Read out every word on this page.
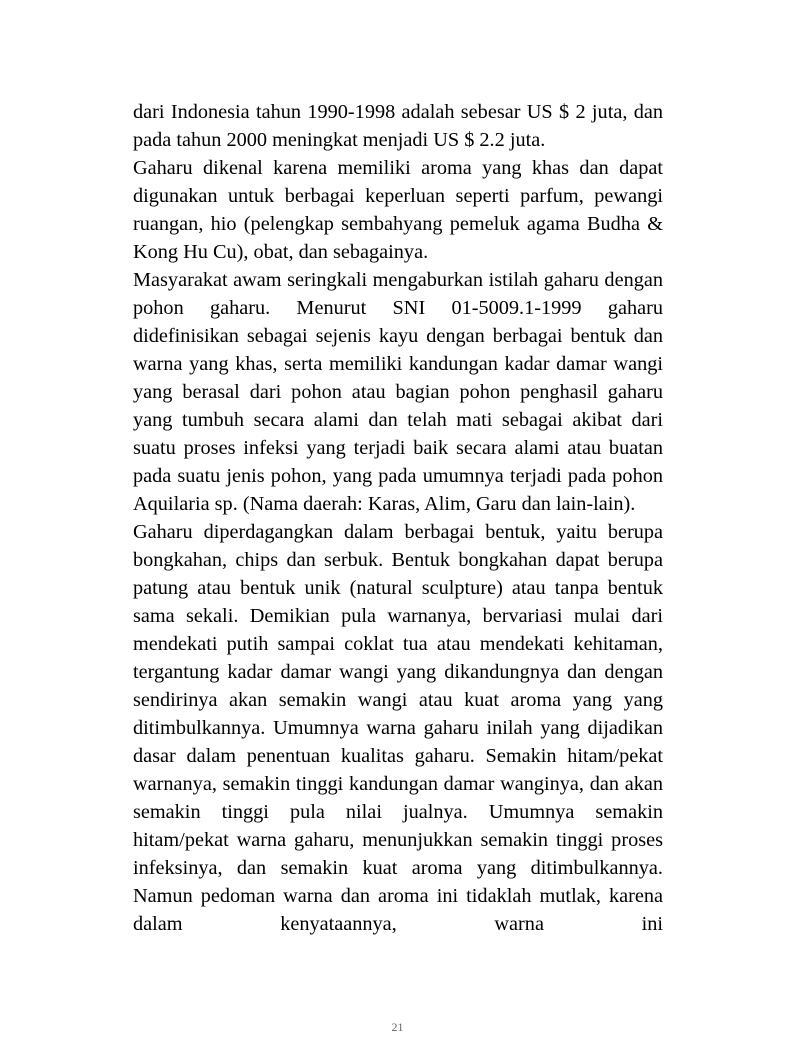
dari Indonesia tahun 1990-1998 adalah sebesar US $ 2 juta, dan pada tahun 2000 meningkat menjadi US $ 2.2 juta.

Gaharu dikenal karena memiliki aroma yang khas dan dapat digunakan untuk berbagai keperluan seperti parfum, pewangi ruangan, hio (pelengkap sembahyang pemeluk agama Budha & Kong Hu Cu), obat, dan sebagainya.

Masyarakat awam seringkali mengaburkan istilah gaharu dengan pohon gaharu. Menurut SNI 01-5009.1-1999 gaharu didefinisikan sebagai sejenis kayu dengan berbagai bentuk dan warna yang khas, serta memiliki kandungan kadar damar wangi yang berasal dari pohon atau bagian pohon penghasil gaharu yang tumbuh secara alami dan telah mati sebagai akibat dari suatu proses infeksi yang terjadi baik secara alami atau buatan pada suatu jenis pohon, yang pada umumnya terjadi pada pohon Aquilaria sp. (Nama daerah: Karas, Alim, Garu dan lain-lain).

Gaharu diperdagangkan dalam berbagai bentuk, yaitu berupa bongkahan, chips dan serbuk. Bentuk bongkahan dapat berupa patung atau bentuk unik (natural sculpture) atau tanpa bentuk sama sekali. Demikian pula warnanya, bervariasi mulai dari mendekati putih sampai coklat tua atau mendekati kehitaman, tergantung kadar damar wangi yang dikandungnya dan dengan sendirinya akan semakin wangi atau kuat aroma yang yang ditimbulkannya. Umumnya warna gaharu inilah yang dijadikan dasar dalam penentuan kualitas gaharu. Semakin hitam/pekat warnanya, semakin tinggi kandungan damar wanginya, dan akan semakin tinggi pula nilai jualnya. Umumnya semakin hitam/pekat warna gaharu, menunjukkan semakin tinggi proses infeksinya, dan semakin kuat aroma yang ditimbulkannya. Namun pedoman warna dan aroma ini tidaklah mutlak, karena dalam kenyataannya, warna ini

21
